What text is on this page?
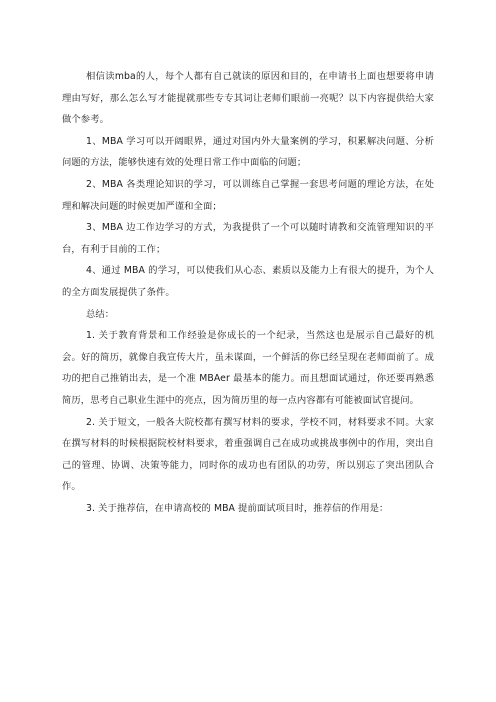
相信读mba的人，每个人都有自己就读的原因和目的，在申请书上面也想要将申请理由写好，那么怎么写才能提就那些专专其词让老师们眼前一亮呢？以下内容提供给大家做个参考。

1、MBA 学习可以开阔眼界，通过对国内外大量案例的学习，积累解决问题、分析问题的方法，能够快速有效的处理日常工作中面临的问题；

2、MBA 各类理论知识的学习，可以训练自己掌握一套思考问题的理论方法，在处理和解决问题的时候更加严谨和全面；

3、MBA 边工作边学习的方式，为我提供了一个可以随时请教和交流管理知识的平台，有利于目前的工作；

4、通过 MBA 的学习，可以使我们从心态、素质以及能力上有很大的提升，为个人的全方面发展提供了条件。

总结：

1. 关于教育背景和工作经验是你成长的一个纪录，当然这也是展示自己最好的机会。好的简历，就像自我宣传大片，虽未谋面，一个鲜活的你已经呈现在老师面前了。成功的把自己推销出去，是一个准 MBAer 最基本的能力。而且想面试通过，你还要再熟悉简历，思考自己职业生涯中的亮点，因为简历里的每一点内容都有可能被面试官提问。

2. 关于短文，一般各大院校都有撰写材料的要求，学校不同，材料要求不同。大家在撰写材料的时候根据院校材料要求，着重强调自己在成功或挑战事例中的作用，突出自己的管理、协调、决策等能力，同时你的成功也有团队的功劳，所以别忘了突出团队合作。

3. 关于推荐信，在申请高校的 MBA 提前面试项目时，推荐信的作用是：
